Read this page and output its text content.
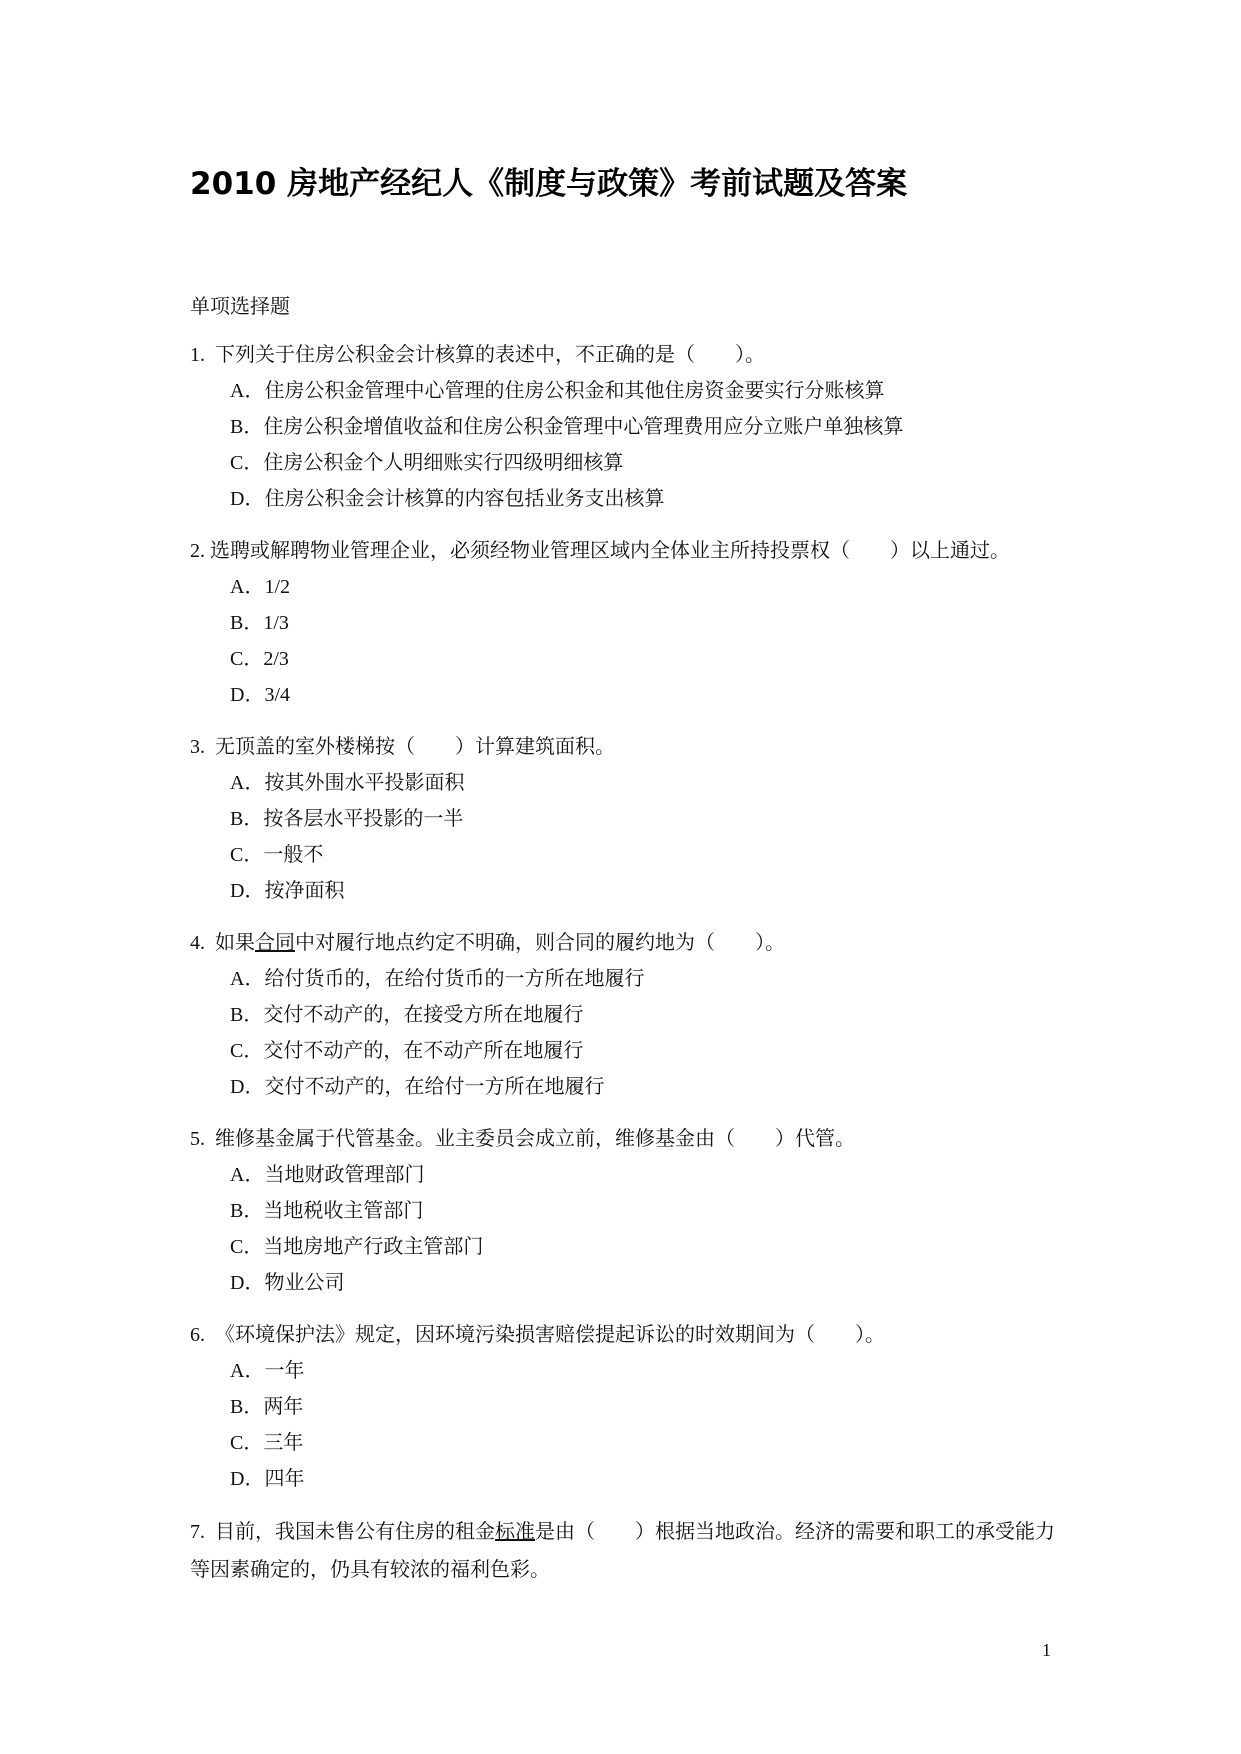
2010 房地产经纪人《制度与政策》考前试题及答案
单项选择题
1. 下列关于住房公积金会计核算的表述中，不正确的是（　　）。
A．住房公积金管理中心管理的住房公积金和其他住房资金要实行分账核算
B．住房公积金增值收益和住房公积金管理中心管理费用应分立账户单独核算
C．住房公积金个人明细账实行四级明细核算
D．住房公积金会计核算的内容包括业务支出核算
2. 选聘或解聘物业管理企业，必须经物业管理区域内全体业主所持投票权（　　）以上通过。
A．1/2
B．1/3
C．2/3
D．3/4
3. 无顶盖的室外楼梯按（　　）计算建筑面积。
A．按其外围水平投影面积
B．按各层水平投影的一半
C．一般不
D．按净面积
4. 如果合同中对履行地点约定不明确，则合同的履约地为（　　）。
A．给付货币的，在给付货币的一方所在地履行
B．交付不动产的，在接受方所在地履行
C．交付不动产的，在不动产所在地履行
D．交付不动产的，在给付一方所在地履行
5. 维修基金属于代管基金。业主委员会成立前，维修基金由（　　）代管。
A．当地财政管理部门
B．当地税收主管部门
C．当地房地产行政主管部门
D．物业公司
6. 《环境保护法》规定，因环境污染损害赔偿提起诉讼的时效期间为（　　）。
A．一年
B．两年
C．三年
D．四年
7. 目前，我国未售公有住房的租金标准是由（　　）根据当地政治。经济的需要和职工的承受能力等因素确定的，仍具有较浓的福利色彩。
1
